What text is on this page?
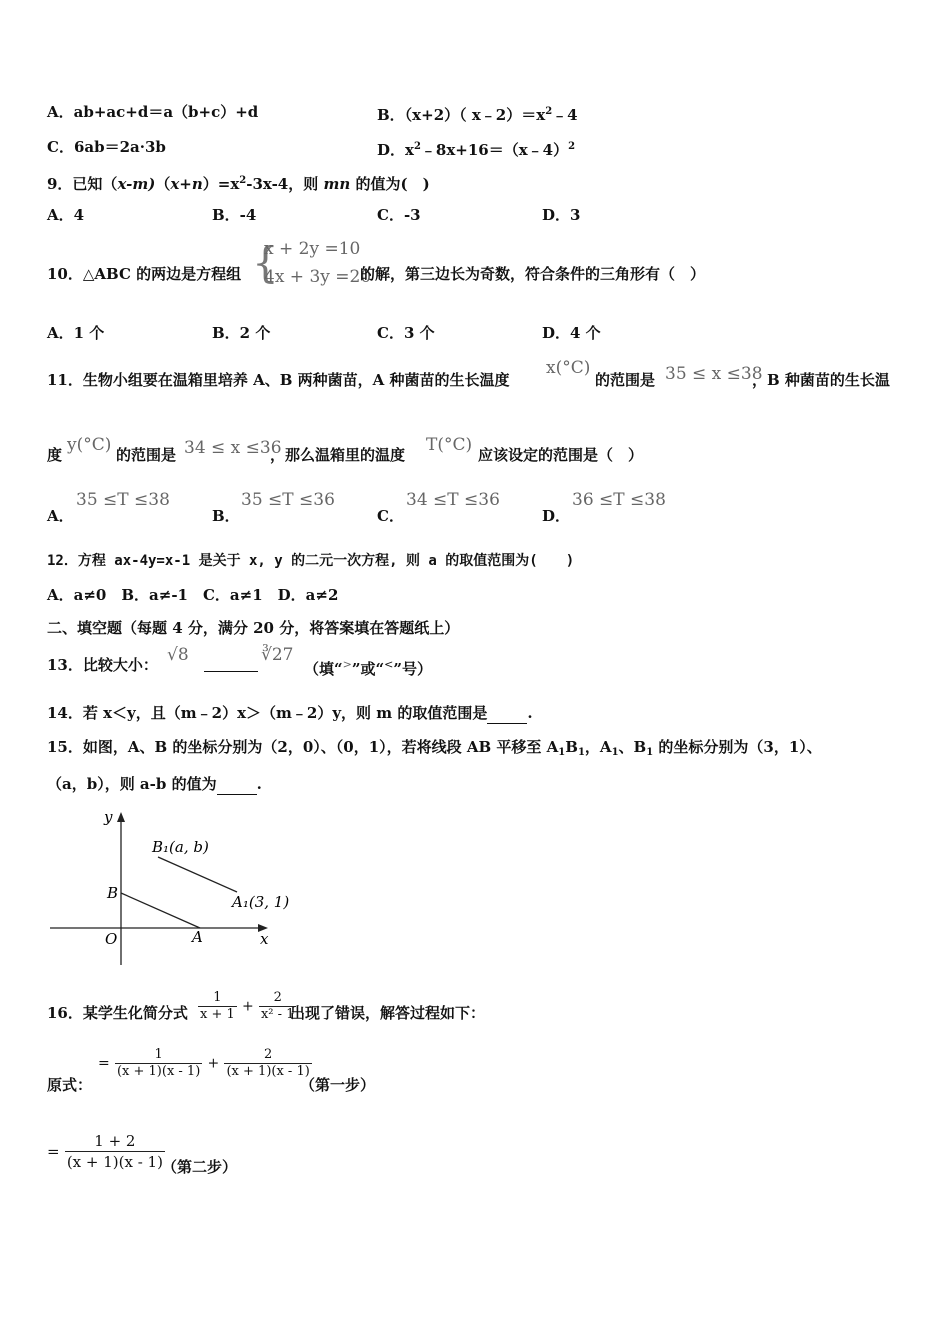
A．ab+ac+d＝a（b+c）+d	B．（x+2）（ $x﹣2)=x^2﹣4$
C．6ab＝2a·3b	D．$x^2﹣8x+16=(x﹣4)^2$
9．已知$(x-m)(x+n)=x^2-3x-4$，则 mn 的值为(　)
A．4	B．-4	C．-3	D．3
10．△ABC 的两边是方程组 {
x + 2y =10
4x + 3y =20
的解，第三边长为奇数，符合条件的三角形有（　）
A．1 个	B．2 个	C．3 个	D．4 个
11．生物小组要在温箱里培养 A、B 两种菌苗，A 种菌苗的生长温度
x(°C)
的范围是 35 ≤ x ≤38
，B 种菌苗的生长温
度 y(°C) 的范围是 34 ≤ x ≤36
，那么温箱里的温度 T(°C) 应该设定的范围是（　）
A．
35 ≤T ≤38
B．
35 ≤T ≤36
C．
34 ≤T ≤36
D．
36 ≤T ≤38
12．方程 ax-4y=x-1 是关于 x, y 的二元一次方程, 则 a 的取值范围为(　　)
A．a≠0　B．a≠-1　C．a≠1　D．a≠2
二、填空题（每题 4 分，满分 20 分，将答案填在答题纸上）
13．比较大小： √8	∛27
（填“>”或“<”号）
14．若 x＜y，且（m﹣2）x＞（m﹣2）y，则 m 的取值范围是	.
15．如图，A、B 的坐标分别为（2，0）、（0，1），若将线段 AB 平移至 $A_1B_1$，$A_1$、$B_1$ 的坐标分别为（3，1）、
（a，b），则 a-b 的值为	.
y
x
O	A
B
B₁(a, b)
A₁(3, 1)
16．某学生化简分式 $\frac{1}{x + 1} + \frac{2}{\text{x² - 1}}$
出现了错误，解答过程如下：
原式：
= $\frac{1}{(x + 1)(x - 1)} + \frac{2}{(x + 1)(x - 1)}$
（第一步）
= $\frac{1 + 2}{(x + 1)(x - 1)}$
（第二步）
